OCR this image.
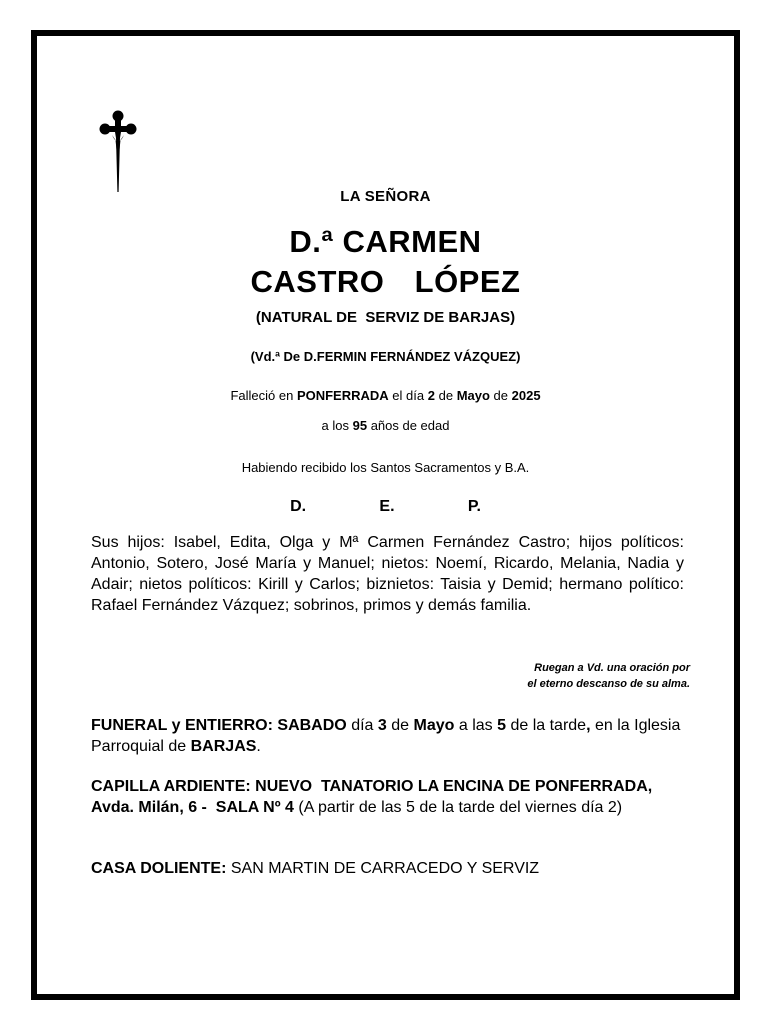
LA SEÑORA
D.ª CARMEN
CASTRO  LÓPEZ
(NATURAL DE  SERVIZ DE BARJAS)
(Vd.ª De D.FERMIN FERNÁNDEZ VÁZQUEZ)
Falleció en PONFERRADA el día 2 de Mayo de 2025
a los 95 años de edad
Habiendo recibido los Santos Sacramentos y B.A.
D.   E.   P.
Sus hijos: Isabel, Edita, Olga y Mª Carmen Fernández Castro; hijos políticos: Antonio, Sotero, José María y Manuel; nietos: Noemí, Ricardo, Melania, Nadia y Adair; nietos políticos: Kirill y Carlos; biznietos: Taisia y Demid; hermano político: Rafael Fernández Vázquez; sobrinos, primos y demás familia.
Ruegan a Vd. una oración por
el eterno descanso de su alma.
FUNERAL y ENTIERRO: SABADO día 3 de Mayo a las 5 de la tarde, en la Iglesia Parroquial de BARJAS.
CAPILLA ARDIENTE: NUEVO  TANATORIO LA ENCINA DE PONFERRADA, Avda. Milán, 6 -  SALA Nº 4 (A partir de las 5 de la tarde del viernes día 2)
CASA DOLIENTE: SAN MARTIN DE CARRACEDO Y SERVIZ
